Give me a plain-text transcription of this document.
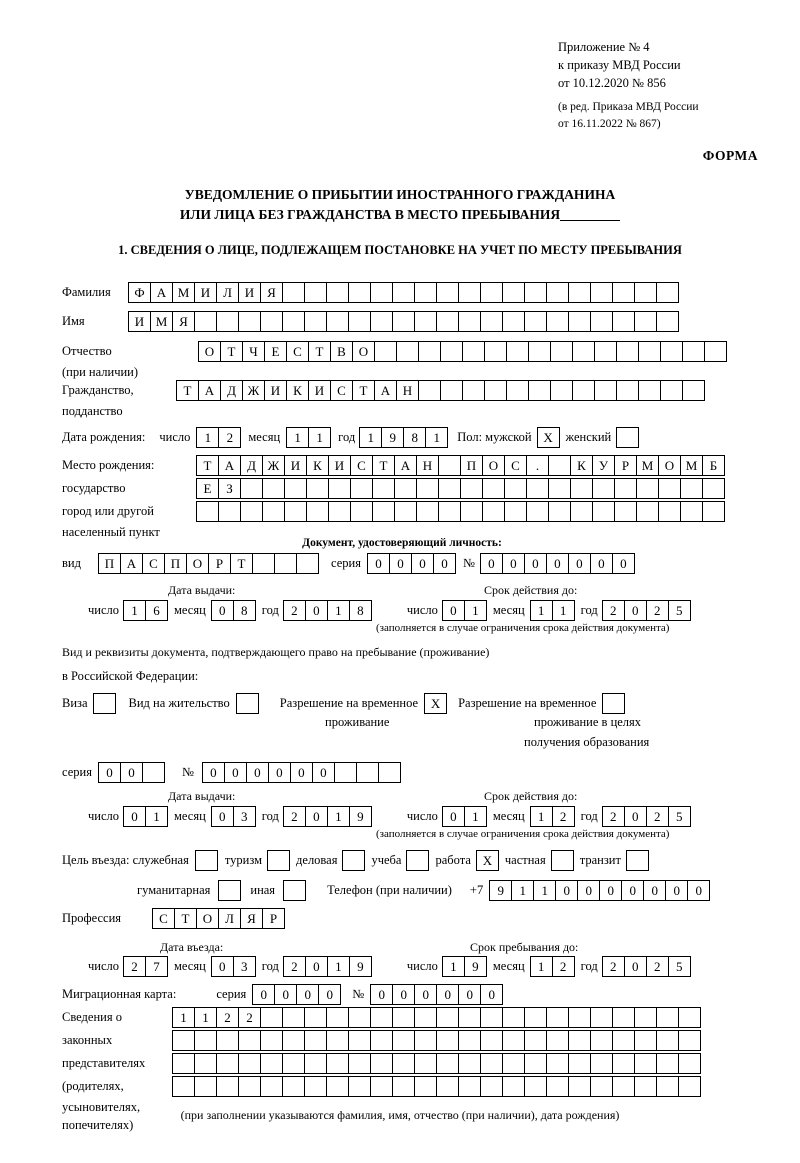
Приложение № 4
к приказу МВД России
от 10.12.2020 № 856
(в ред. Приказа МВД России
от 16.11.2022 № 867)
ФОРМА
УВЕДОМЛЕНИЕ О ПРИБЫТИИ ИНОСТРАННОГО ГРАЖДАНИНА
ИЛИ ЛИЦА БЕЗ ГРАЖДАНСТВА В МЕСТО ПРЕБЫВАНИЯ
1. СВЕДЕНИЯ О ЛИЦЕ, ПОДЛЕЖАЩЕМ ПОСТАНОВКЕ НА УЧЕТ ПО МЕСТУ ПРЕБЫВАНИЯ
Фамилия	Ф А М И Л И Я
Имя	И М Я
Отчество	О	Т	Ч	Е	С	Т	В О
(при наличии)
Гражданство,	Т	А Д Ж И К И С	Т	А Н
подданство
Дата рождения: число	1	2	месяц	1	1	год 1	9	8	1	Пол: мужской X	женский
Место рождения:	Т	А Д Ж И К И С	Т	А Н	П О С	.	К	У	Р М О М Б
государство	Е	З
город или другой
населенный пункт
Документ, удостоверяющий личность:
вид	П А С П О	Р	Т	серия	0	0	0	0	№	0	0	0	0	0	0	0
Дата выдачи:	Срок действия до:
число 1	6	месяц	0	8	год 2	0	1	8	число 0	1	месяц	1	1	год 2	0	2	5
(заполняется в случае ограничения срока действия документа)
Вид и реквизиты документа, подтверждающего право на пребывание (проживание)
в Российской Федерации:
Виза	Вид на жительство	Разрешение на временное X	Разрешение на временное
проживание	проживание в целях
получения образования
серия	0	0	№	0	0	0	0	0	0
Дата выдачи:	Срок действия до:
число 0	1	месяц	0	3	год 2	0	1	9	число 0	1	месяц	1	2	год 2	0	2	5
(заполняется в случае ограничения срока действия документа)
Цель въезда: служебная	туризм	деловая	учеба	работа X	частная	транзит
гуманитарная	иная	Телефон (при наличии) +7	9	1	1	0	0	0	0	0	0	0
Профессия	С	Т	О Л	Я	Р
Дата въезда:	Срок пребывания до:
число 2	7	месяц	0	3	год 2	0	1	9	число 1	9	месяц	1	2	год 2	0	2	5
Миграционная карта:	серия	0	0	0	0	№	0	0	0	0	0	0
Сведения о	1	1	2	2
законных
представителях
(родителях,
усыновителях,
попечителях)
(при заполнении указываются фамилия, имя, отчество (при наличии), дата рождения)
